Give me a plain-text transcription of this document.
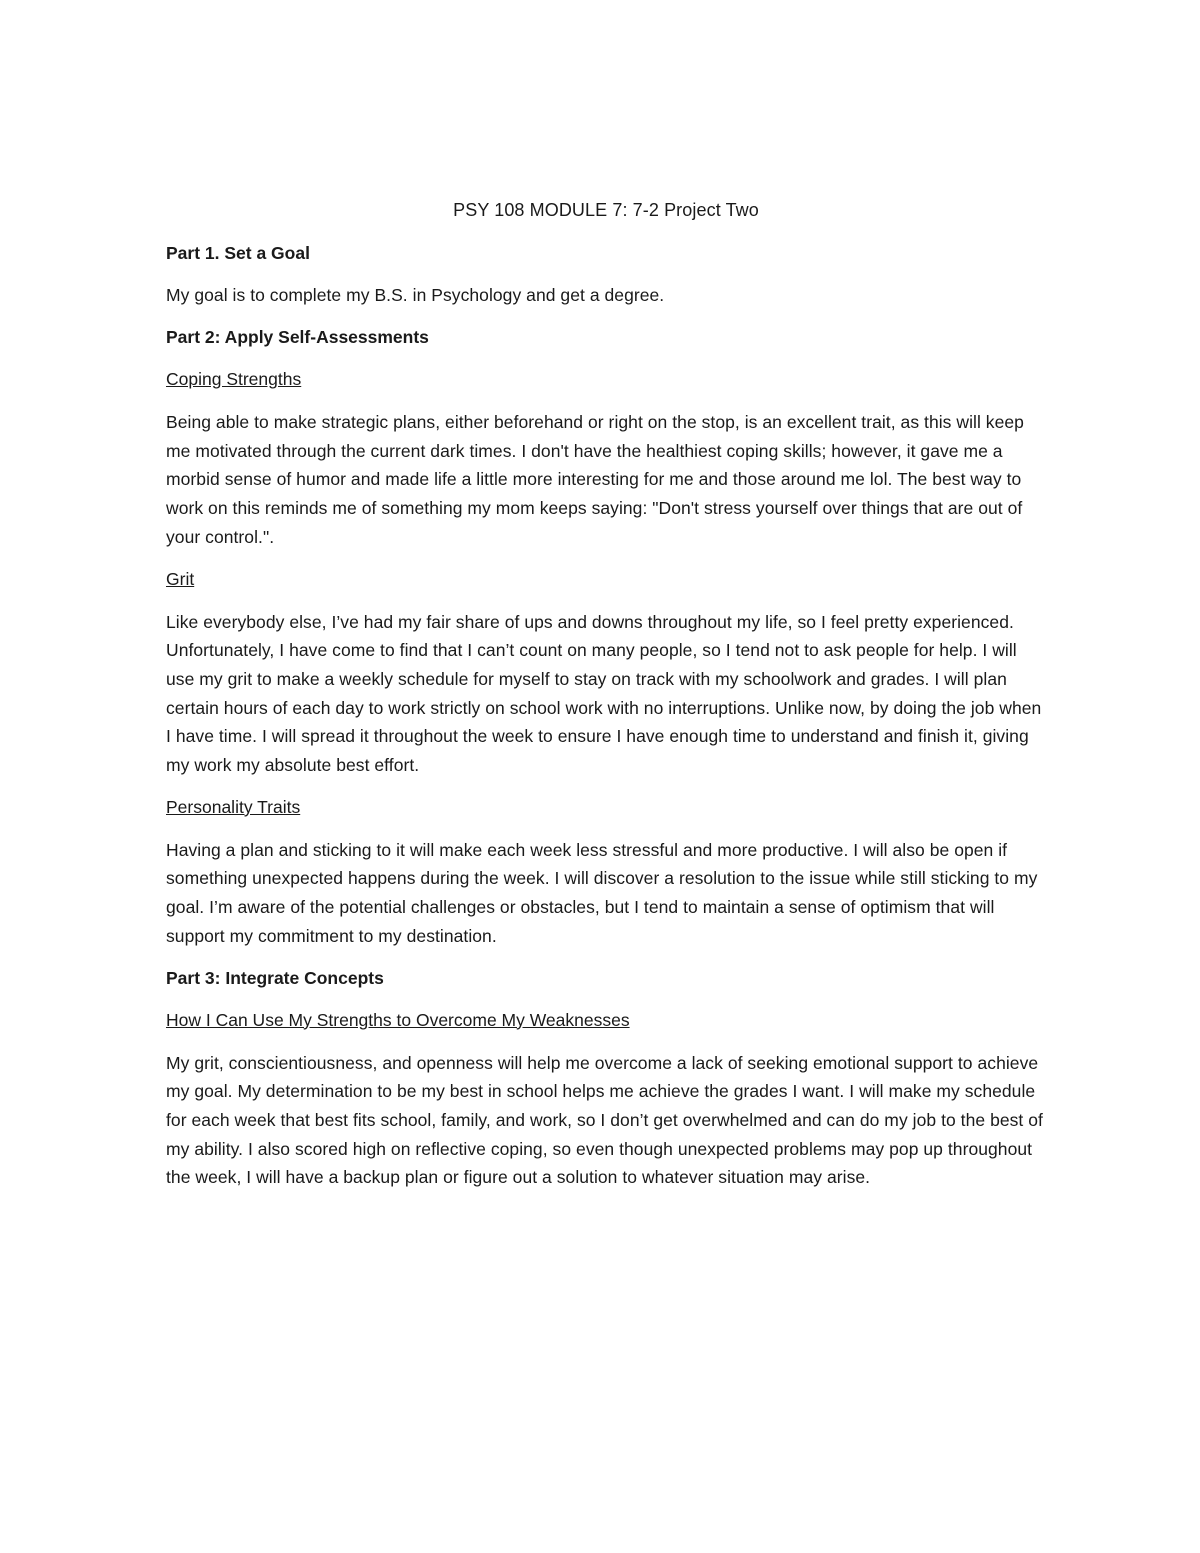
PSY 108 MODULE 7: 7-2 Project Two
Part 1. Set a Goal

My goal is to complete my B.S. in Psychology and get a degree.

Part 2: Apply Self-Assessments
Coping Strengths

Being able to make strategic plans, either beforehand or right on the stop, is an excellent trait, as this will keep me motivated through the current dark times. I don't have the healthiest coping skills; however, it gave me a morbid sense of humor and made life a little more interesting for me and those around me lol. The best way to work on this reminds me of something my mom keeps saying: "Don't stress yourself over things that are out of your control.".

Grit

Like everybody else, I’ve had my fair share of ups and downs throughout my life, so I feel pretty experienced. Unfortunately, I have come to find that I can’t count on many people, so I tend not to ask people for help. I will use my grit to make a weekly schedule for myself to stay on track with my schoolwork and grades. I will plan certain hours of each day to work strictly on school work with no interruptions. Unlike now, by doing the job when I have time. I will spread it throughout the week to ensure I have enough time to understand and finish it, giving my work my absolute best effort.

Personality Traits

Having a plan and sticking to it will make each week less stressful and more productive. I will also be open if something unexpected happens during the week. I will discover a resolution to the issue while still sticking to my goal. I’m aware of the potential challenges or obstacles, but I tend to maintain a sense of optimism that will support my commitment to my destination.

Part 3: Integrate Concepts
How I Can Use My Strengths to Overcome My Weaknesses

My grit, conscientiousness, and openness will help me overcome a lack of seeking emotional support to achieve my goal. My determination to be my best in school helps me achieve the grades I want. I will make my schedule for each week that best fits school, family, and work, so I don’t get overwhelmed and can do my job to the best of my ability. I also scored high on reflective coping, so even though unexpected problems may pop up throughout the week, I will have a backup plan or figure out a solution to whatever situation may arise.
